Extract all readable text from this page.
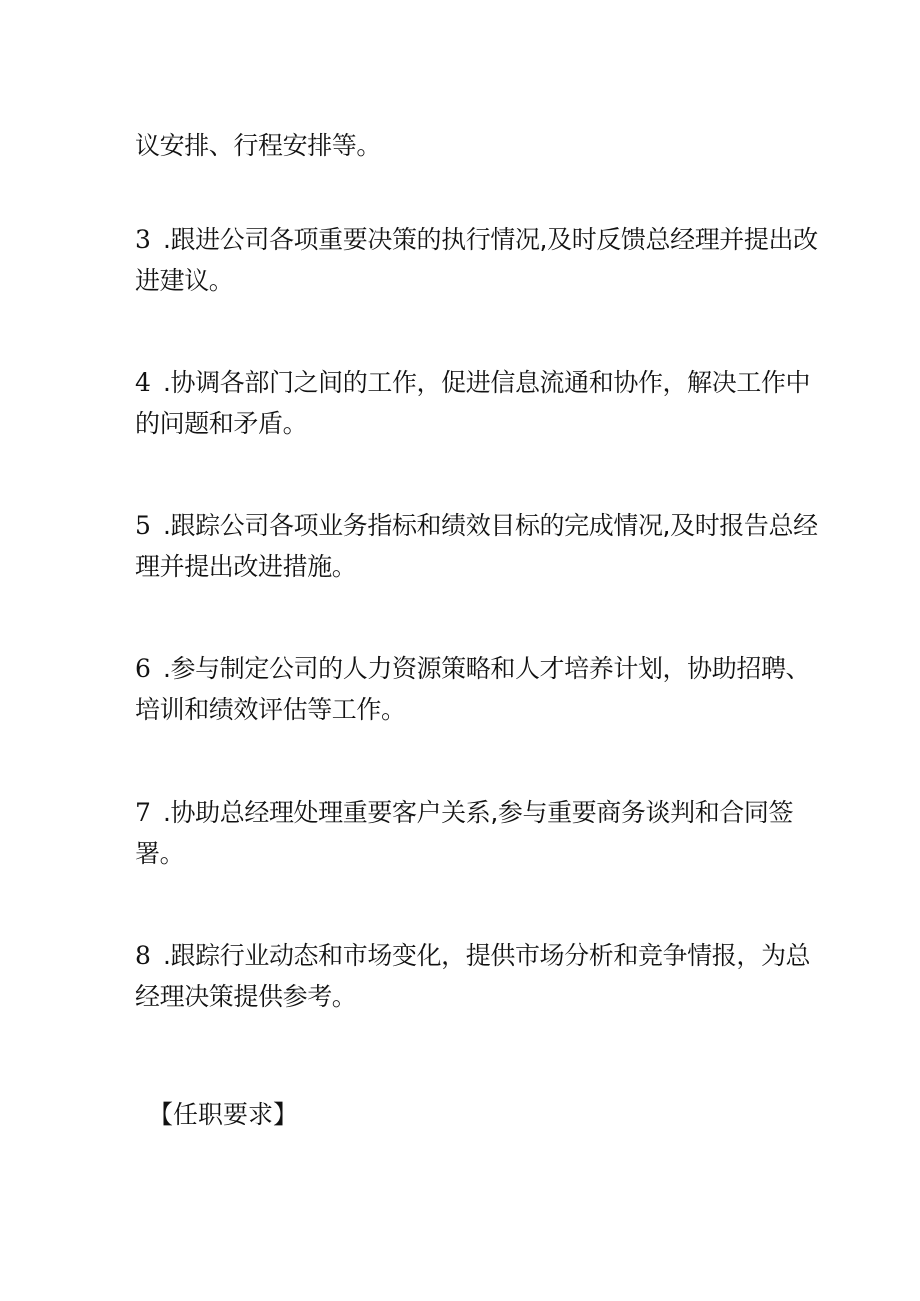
议安排、行程安排等。
3 .跟进公司各项重要决策的执行情况,及时反馈总经理并提出改
进建议。
4 .协调各部门之间的工作，促进信息流通和协作，解决工作中
的问题和矛盾。
5 .跟踪公司各项业务指标和绩效目标的完成情况,及时报告总经
理并提出改进措施。
6 .参与制定公司的人力资源策略和人才培养计划，协助招聘、
培训和绩效评估等工作。
7 .协助总经理处理重要客户关系,参与重要商务谈判和合同签
署。
8 .跟踪行业动态和市场变化，提供市场分析和竞争情报，为总
经理决策提供参考。
【任职要求】
